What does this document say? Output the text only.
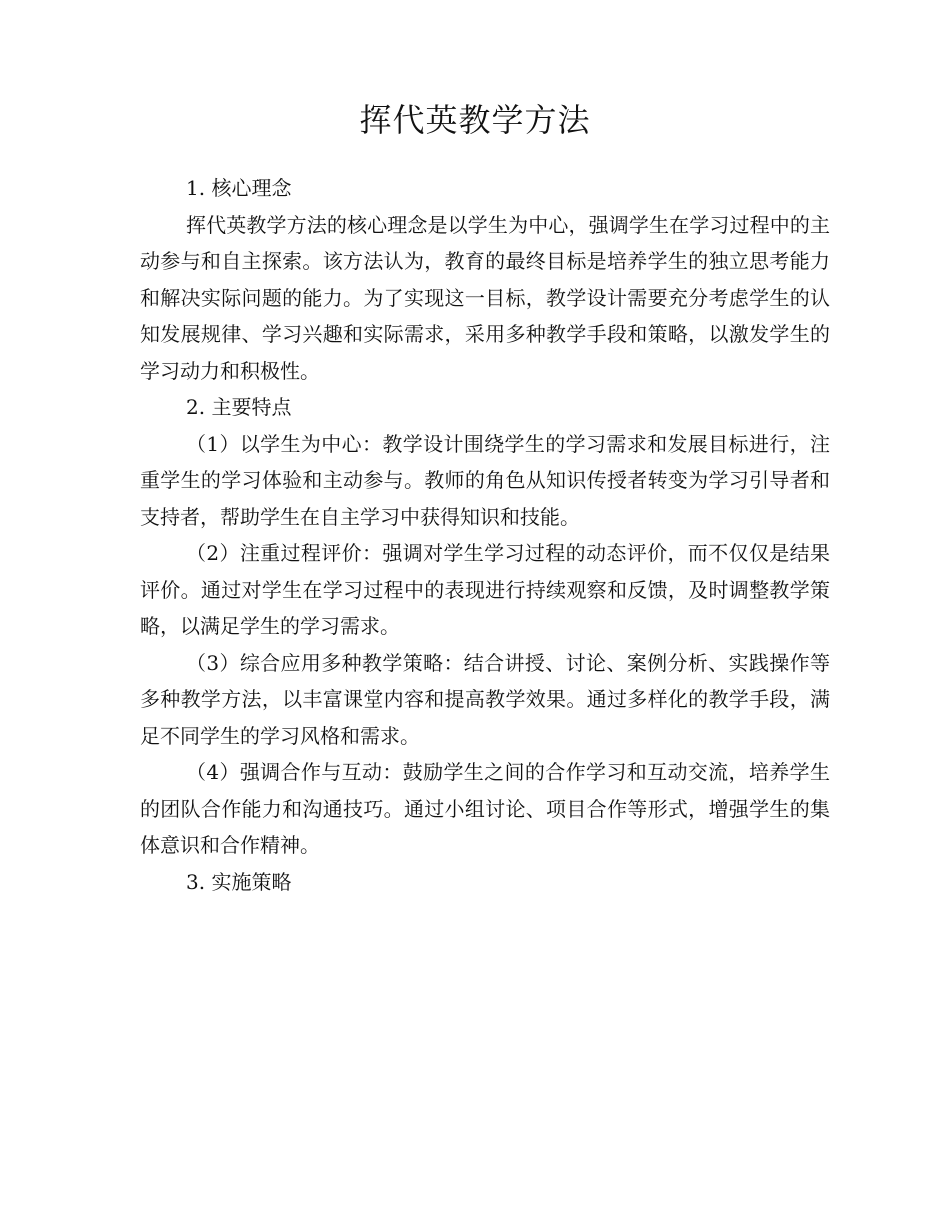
挥代英教学方法

1. 核心理念

挥代英教学方法的核心理念是以学生为中心，强调学生在学习过程中的主动参与和自主探索。该方法认为，教育的最终目标是培养学生的独立思考能力和解决实际问题的能力。为了实现这一目标，教学设计需要充分考虑学生的认知发展规律、学习兴趣和实际需求，采用多种教学手段和策略，以激发学生的学习动力和积极性。

2. 主要特点

（1）以学生为中心：教学设计围绕学生的学习需求和发展目标进行，注重学生的学习体验和主动参与。教师的角色从知识传授者转变为学习引导者和支持者，帮助学生在自主学习中获得知识和技能。

（2）注重过程评价：强调对学生学习过程的动态评价，而不仅仅是结果评价。通过对学生在学习过程中的表现进行持续观察和反馈，及时调整教学策略，以满足学生的学习需求。

（3）综合应用多种教学策略：结合讲授、讨论、案例分析、实践操作等多种教学方法，以丰富课堂内容和提高教学效果。通过多样化的教学手段，满足不同学生的学习风格和需求。

（4）强调合作与互动：鼓励学生之间的合作学习和互动交流，培养学生的团队合作能力和沟通技巧。通过小组讨论、项目合作等形式，增强学生的集体意识和合作精神。

3. 实施策略
